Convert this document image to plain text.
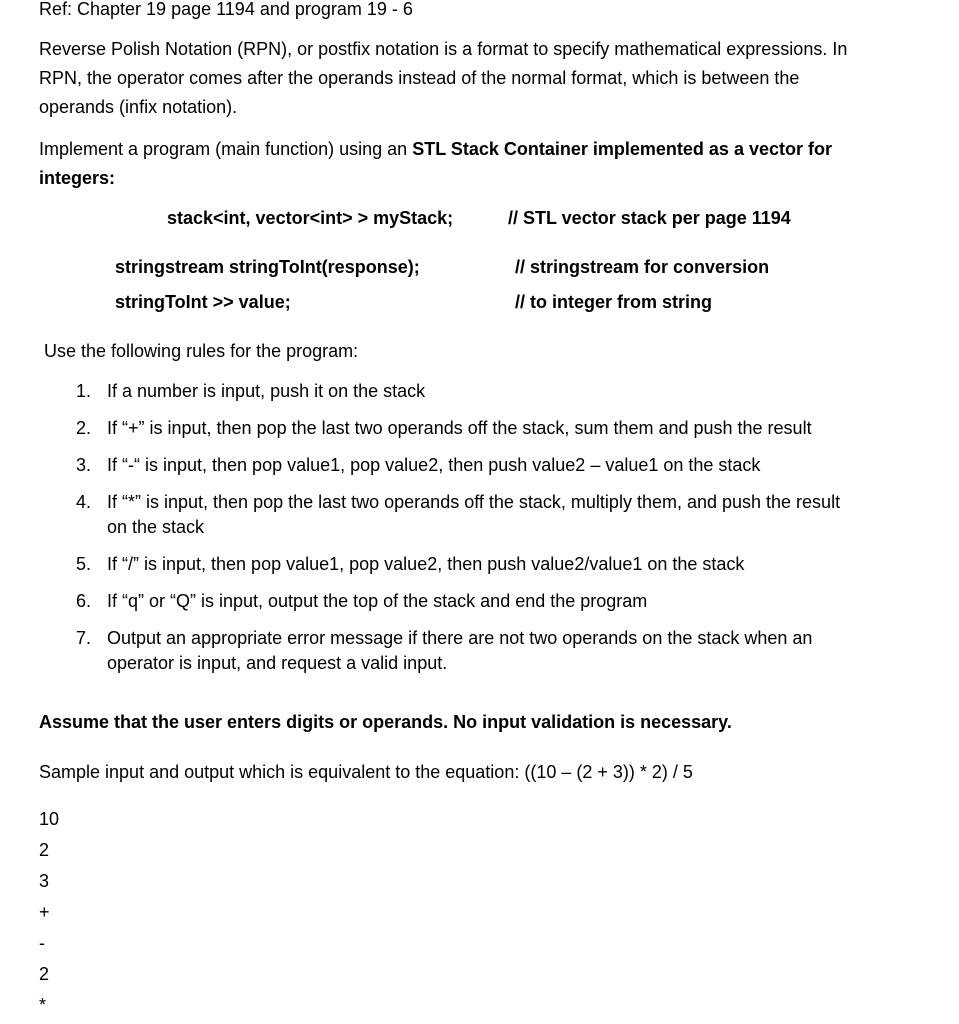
Ref: Chapter 19 page 1194 and program 19 - 6
Reverse Polish Notation (RPN), or postfix notation is a format to specify mathematical expressions. In
RPN, the operator comes after the operands instead of the normal format, which is between the
operands (infix notation).
Implement a program (main function) using an STL Stack Container implemented as a vector for
integers:
stack<int, vector<int> > myStack;	// STL vector stack per page 1194
stringstream stringToInt(response);	// stringstream for conversion
stringToInt >> value;	// to integer from string
Use the following rules for the program:
1. If a number is input, push it on the stack
2. If “+” is input, then pop the last two operands off the stack, sum them and push the result
3. If “-“ is input, then pop value1, pop value2, then push value2 – value1 on the stack
4. If “*” is input, then pop the last two operands off the stack, multiply them, and push the result
on the stack
5. If “/” is input, then pop value1, pop value2, then push value2/value1 on the stack
6. If “q” or “Q” is input, output the top of the stack and end the program
7. Output an appropriate error message if there are not two operands on the stack when an
operator is input, and request a valid input.
Assume that the user enters digits or operands. No input validation is necessary.
Sample input and output which is equivalent to the equation: ((10 – (2 + 3)) * 2) / 5
10
2
3
+
-
2
*
